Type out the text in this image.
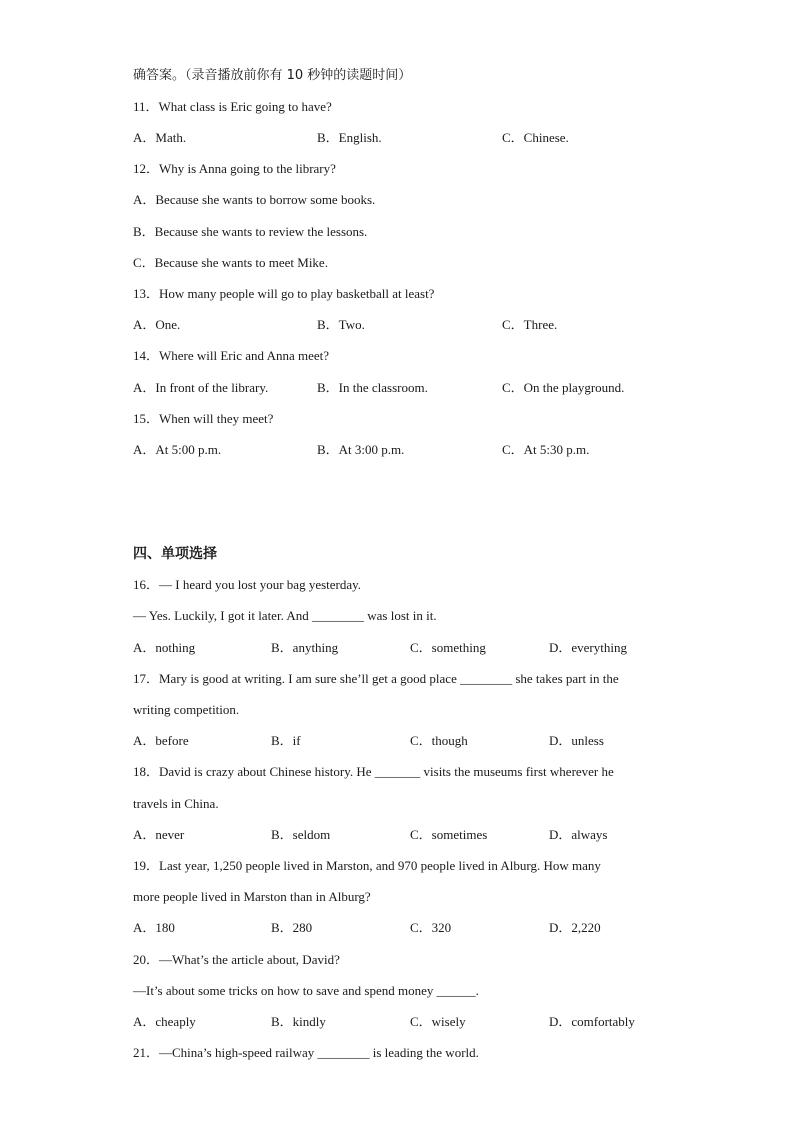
确答案。（录音播放前你有 10 秒钟的读题时间）
11．What class is Eric going to have?
A．Math.	B．English.	C．Chinese.
12．Why is Anna going to the library?
A．Because she wants to borrow some books.
B．Because she wants to review the lessons.
C．Because she wants to meet Mike.
13．How many people will go to play basketball at least?
A．One.	B．Two.	C．Three.
14．Where will Eric and Anna meet?
A．In front of the library.	B．In the classroom.	C．On the playground.
15．When will they meet?
A．At 5:00 p.m.	B．At 3:00 p.m.	C．At 5:30 p.m.
四、单项选择
16．— I heard you lost your bag yesterday.
— Yes. Luckily, I got it later. And ________ was lost in it.
A．nothing	B．anything	C．something	D．everything
17．Mary is good at writing. I am sure she’ll get a good place ________ she takes part in the
writing competition.
A．before	B．if	C．though	D．unless
18．David is crazy about Chinese history. He _______ visits the museums first wherever he
travels in China.
A．never	B．seldom	C．sometimes	D．always
19．Last year, 1,250 people lived in Marston, and 970 people lived in Alburg. How many
more people lived in Marston than in Alburg?
A．180	B．280	C．320	D．2,220
20．—What’s the article about, David?
—It’s about some tricks on how to save and spend money ______.
A．cheaply	B．kindly	C．wisely	D．comfortably
21．—China’s high-speed railway ________ is leading the world.
